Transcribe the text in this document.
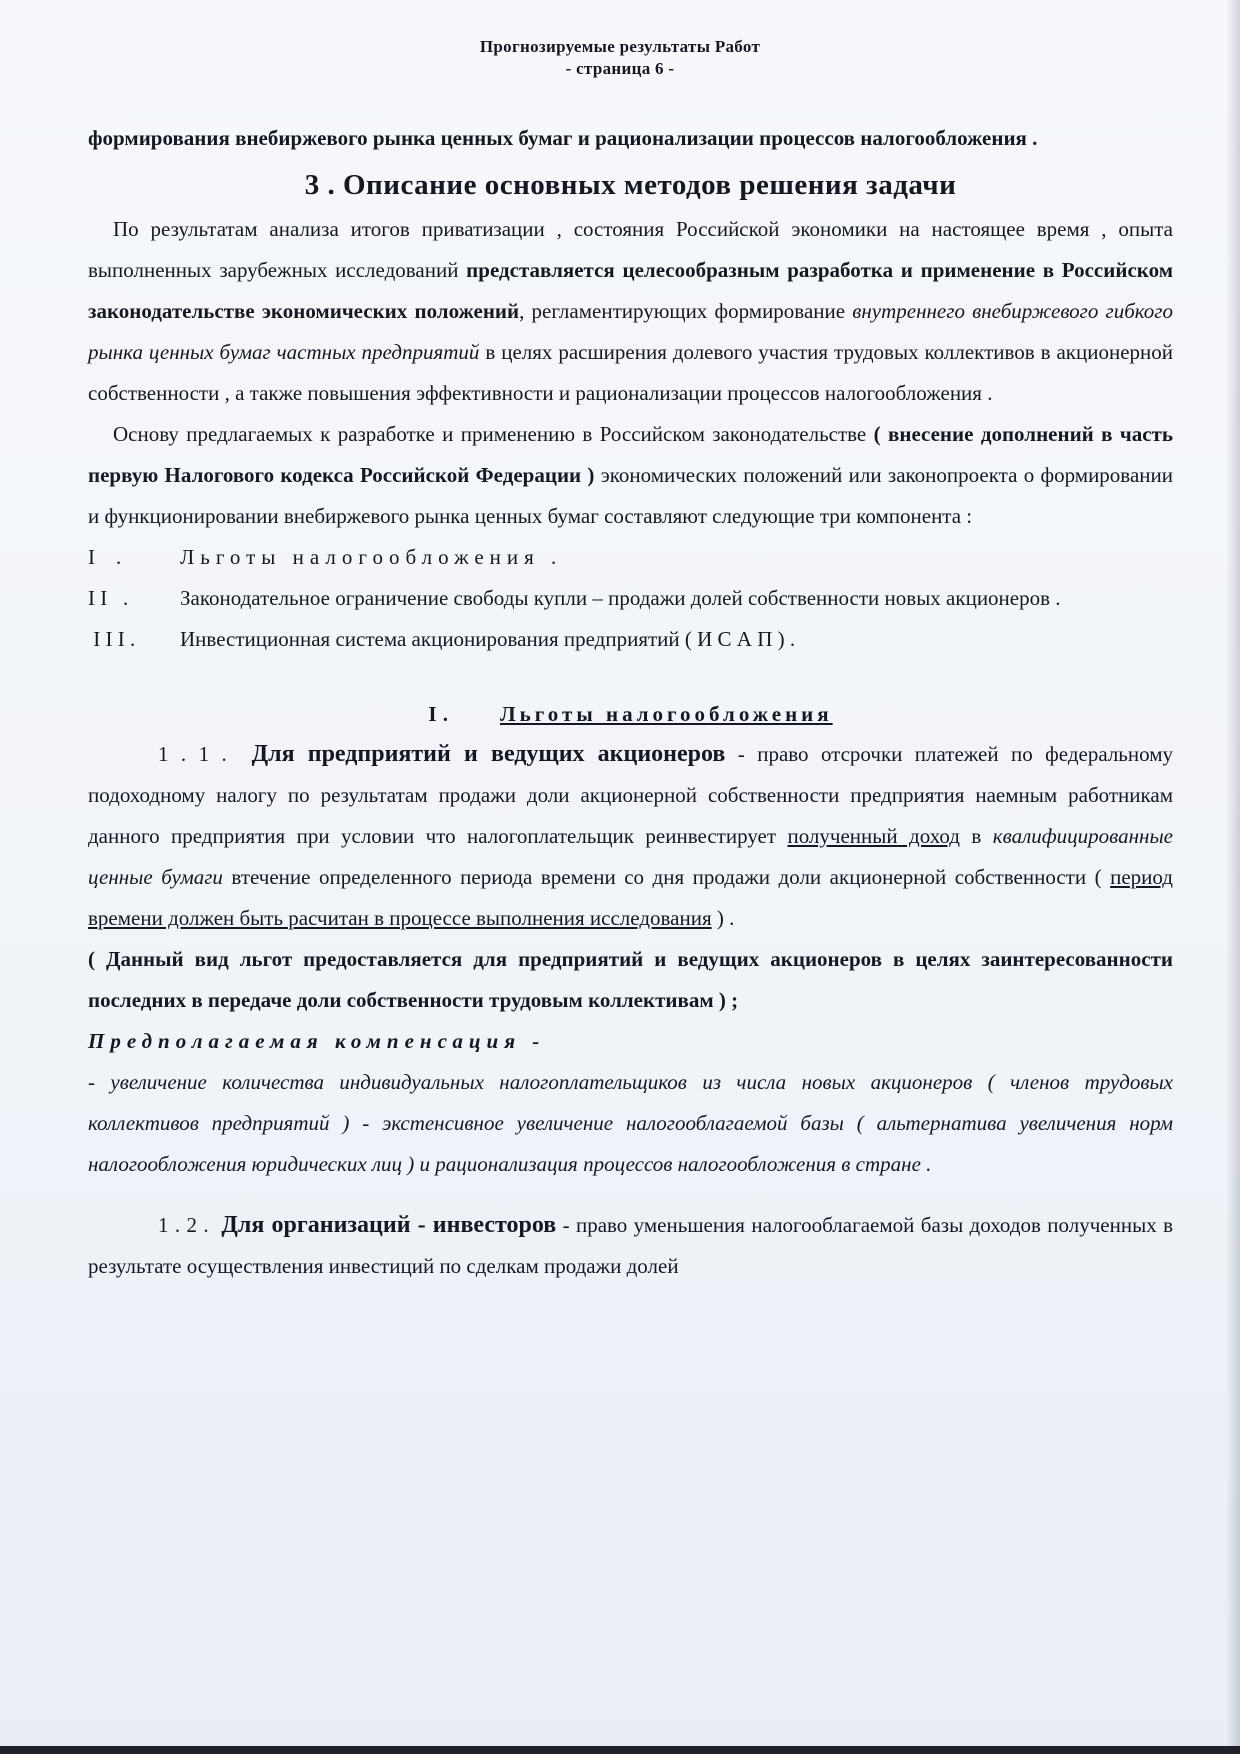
Прогнозируемые результаты Работ
- страница 6 -

формирования внебиржевого рынка ценных бумаг и рационализации процессов налогообложения .

3 . Описание основных методов решения задачи

По результатам анализа итогов приватизации , состояния Российской экономики на настоящее время , опыта выполненных зарубежных исследований представляется целесообразным разработка и применение в Российском законодательстве экономических положений, регламентирующих формирование внутреннего внебиржевого гибкого рынка ценных бумаг частных предприятий в целях расширения долевого участия трудовых коллективов в акционерной собственности , а также повышения эффективности и рационализации процессов налогообложения .

Основу предлагаемых к разработке и применению в Российском законодательстве ( внесение дополнений в часть первую Налогового кодекса Российской Федерации ) экономических положений или законопроекта о формировании и функционировании внебиржевого рынка ценных бумаг составляют следующие три компонента :

I    .	Льготы налогообложения .
I I   .	Законодательное ограничение свободы купли – продажи долей собственности новых акционеров .
I I I .	Инвестиционная система акционирования предприятий ( И С А П ) .
I . Льготы налогообложения

1 . 1 . Для предприятий и ведущих акционеров - право отсрочки платежей по федеральному подоходному налогу по результатам продажи доли акционерной собственности предприятия наемным работникам данного предприятия при условии что налогоплательщик реинвестирует полученный доход в квалифицированные ценные бумаги втечение определенного периода времени со дня продажи доли акционерной собственности ( период времени должен быть расчитан в процессе выполнения исследования ) .

( Данный вид льгот предоставляется для предприятий и ведущих акционеров в целях заинтересованности последних в передаче доли собственности трудовым коллективам ) ;

Предполагаемая компенсация -

- увеличение количества индивидуальных налогоплательщиков из числа новых акционеров ( членов трудовых коллективов предприятий ) - экстенсивное увеличение налогооблагаемой базы ( альтернатива увеличения норм налогообложения юридических лиц ) и рационализация процессов налогообложения в стране .

1 . 2 . Для организаций - инвесторов - право уменьшения налогооблагаемой базы доходов полученных в результате осуществления инвестиций по сделкам продажи долей
